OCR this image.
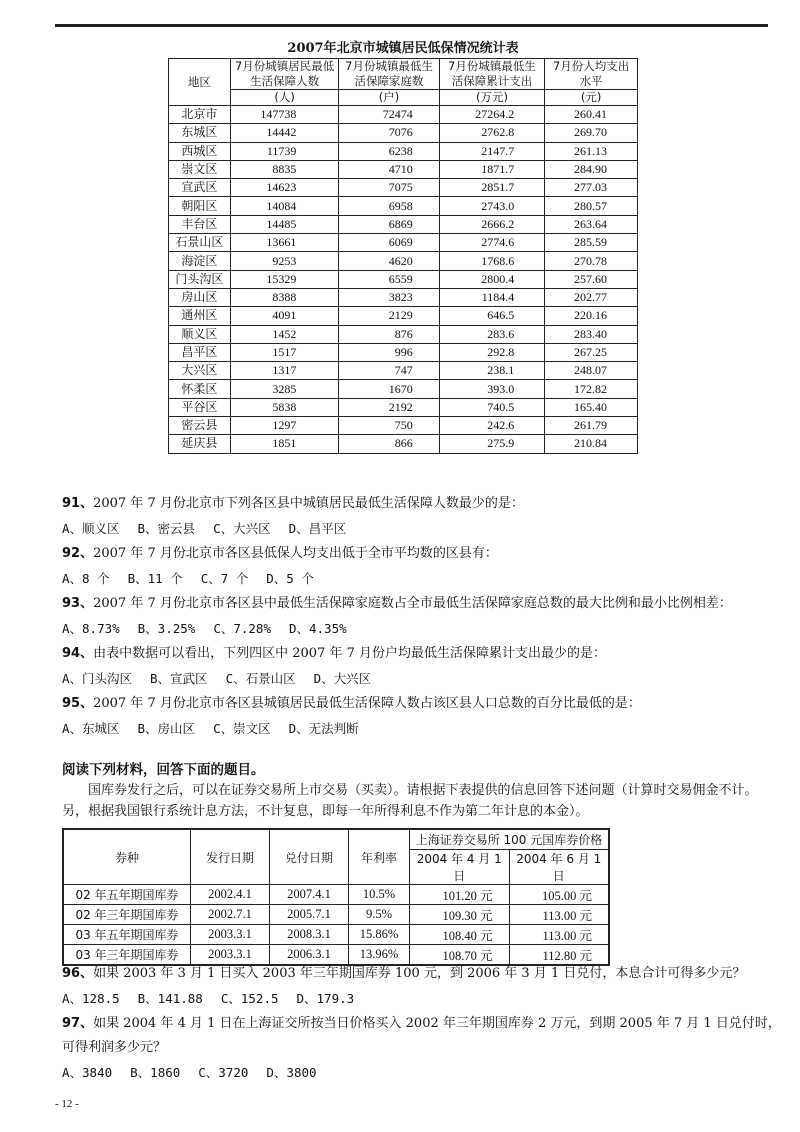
2007年北京市城镇居民低保情况统计表
地区	7月份城镇居民最低生活保障人数	7月份城镇最低生活保障家庭数	7月份城镇最低生活保障累计支出	7月份人均支出水平
	(人)	(户)	(万元)	(元)
北京市	147738	72474	27264.2	260.41
东城区	14442	7076	2762.8	269.70
西城区	11739	6238	2147.7	261.13
崇文区	8835	4710	1871.7	284.90
宣武区	14623	7075	2851.7	277.03
朝阳区	14084	6958	2743.0	280.57
丰台区	14485	6869	2666.2	263.64
石景山区	13661	6069	2774.6	285.59
海淀区	9253	4620	1768.6	270.78
门头沟区	15329	6559	2800.4	257.60
房山区	8388	3823	1184.4	202.77
通州区	4091	2129	646.5	220.16
顺义区	1452	876	283.6	283.40
昌平区	1517	996	292.8	267.25
大兴区	1317	747	238.1	248.07
怀柔区	3285	1670	393.0	172.82
平谷区	5838	2192	740.5	165.40
密云县	1297	750	242.6	261.79
延庆县	1851	866	275.9	210.84

91、2007 年 7 月份北京市下列各区县中城镇居民最低生活保障人数最少的是：

A、顺义区 B、密云县 C、大兴区 D、昌平区

92、2007 年 7 月份北京市各区县低保人均支出低于全市平均数的区县有：

A、8 个 B、11 个 C、7 个 D、5 个

93、2007 年 7 月份北京市各区县中最低生活保障家庭数占全市最低生活保障家庭总数的最大比例和最小比例相差：

A、8.73% B、3.25% C、7.28% D、4.35%

94、由表中数据可以看出，下列四区中 2007 年 7 月份户均最低生活保障累计支出最少的是：

A、门头沟区 B、宣武区 C、石景山区 D、大兴区

95、2007 年 7 月份北京市各区县城镇居民最低生活保障人数占该区县人口总数的百分比最低的是：

A、东城区 B、房山区 C、崇文区 D、无法判断

阅读下列材料，回答下面的题目。

国库券发行之后，可以在证券交易所上市交易（买卖）。请根据下表提供的信息回答下述问题（计算时交易佣金不计。另，根据我国银行系统计息方法，不计复息，即每一年所得利息不作为第二年计息的本金）。

券种	发行日期	兑付日期	年利率	上海证券交易所 100 元国库券价格	
				2004 年 4 月 1 日	2004 年 6 月 1 日
02 年五年期国库券	2002.4.1	2007.4.1	10.5%	101.20 元	105.00 元
02 年三年期国库券	2002.7.1	2005.7.1	9.5%	109.30 元	113.00 元
03 年五年期国库券	2003.3.1	2008.3.1	15.86%	108.40 元	113.00 元
03 年三年期国库券	2003.3.1	2006.3.1	13.96%	108.70 元	112.80 元

96、如果 2003 年 3 月 1 日买入 2003 年三年期国库券 100 元，到 2006 年 3 月 1 日兑付，本息合计可得多少元？

A、128.5 B、141.88 C、152.5 D、179.3

97、如果 2004 年 4 月 1 日在上海证交所按当日价格买入 2002 年三年期国库券 2 万元，到期 2005 年 7 月 1 日兑付时，可得利润多少元？

A、3840 B、1860 C、3720 D、3800

- 12 -
